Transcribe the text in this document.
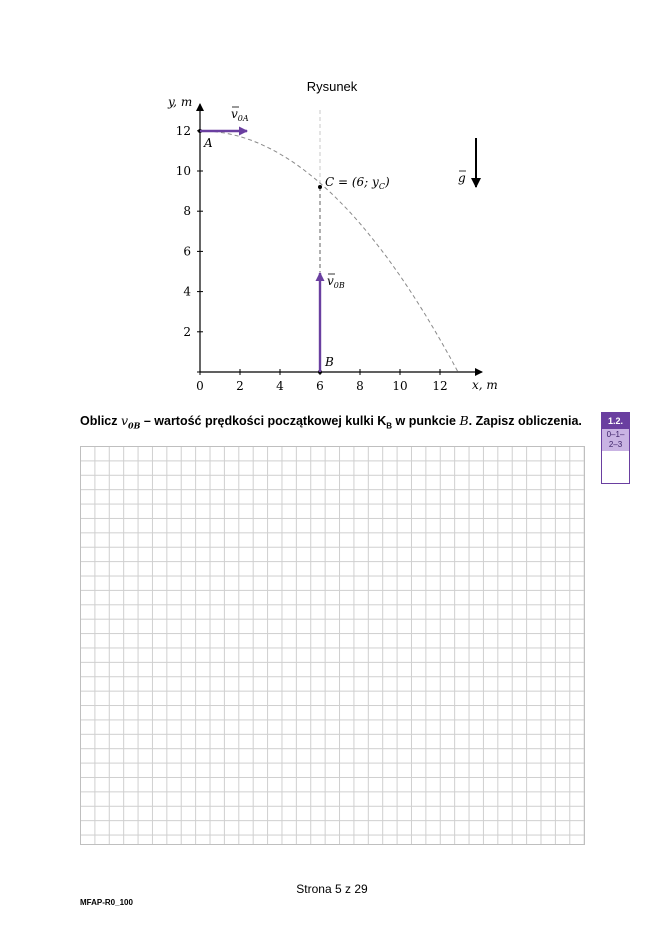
Rysunek
0	2	4	6	8 10 12
2
4
6
8
10
12
y, m
x, m
A
B
C = (6; $y_C$)
$v_{0A}$
$v_{0B}$
g
Oblicz $v_{0B}$ – wartość prędkości początkowej kulki $K_B$ w punkcie B. Zapisz obliczenia.	1.2.
0–1–
2–3
Strona 5 z 29
MFAP-R0_100
